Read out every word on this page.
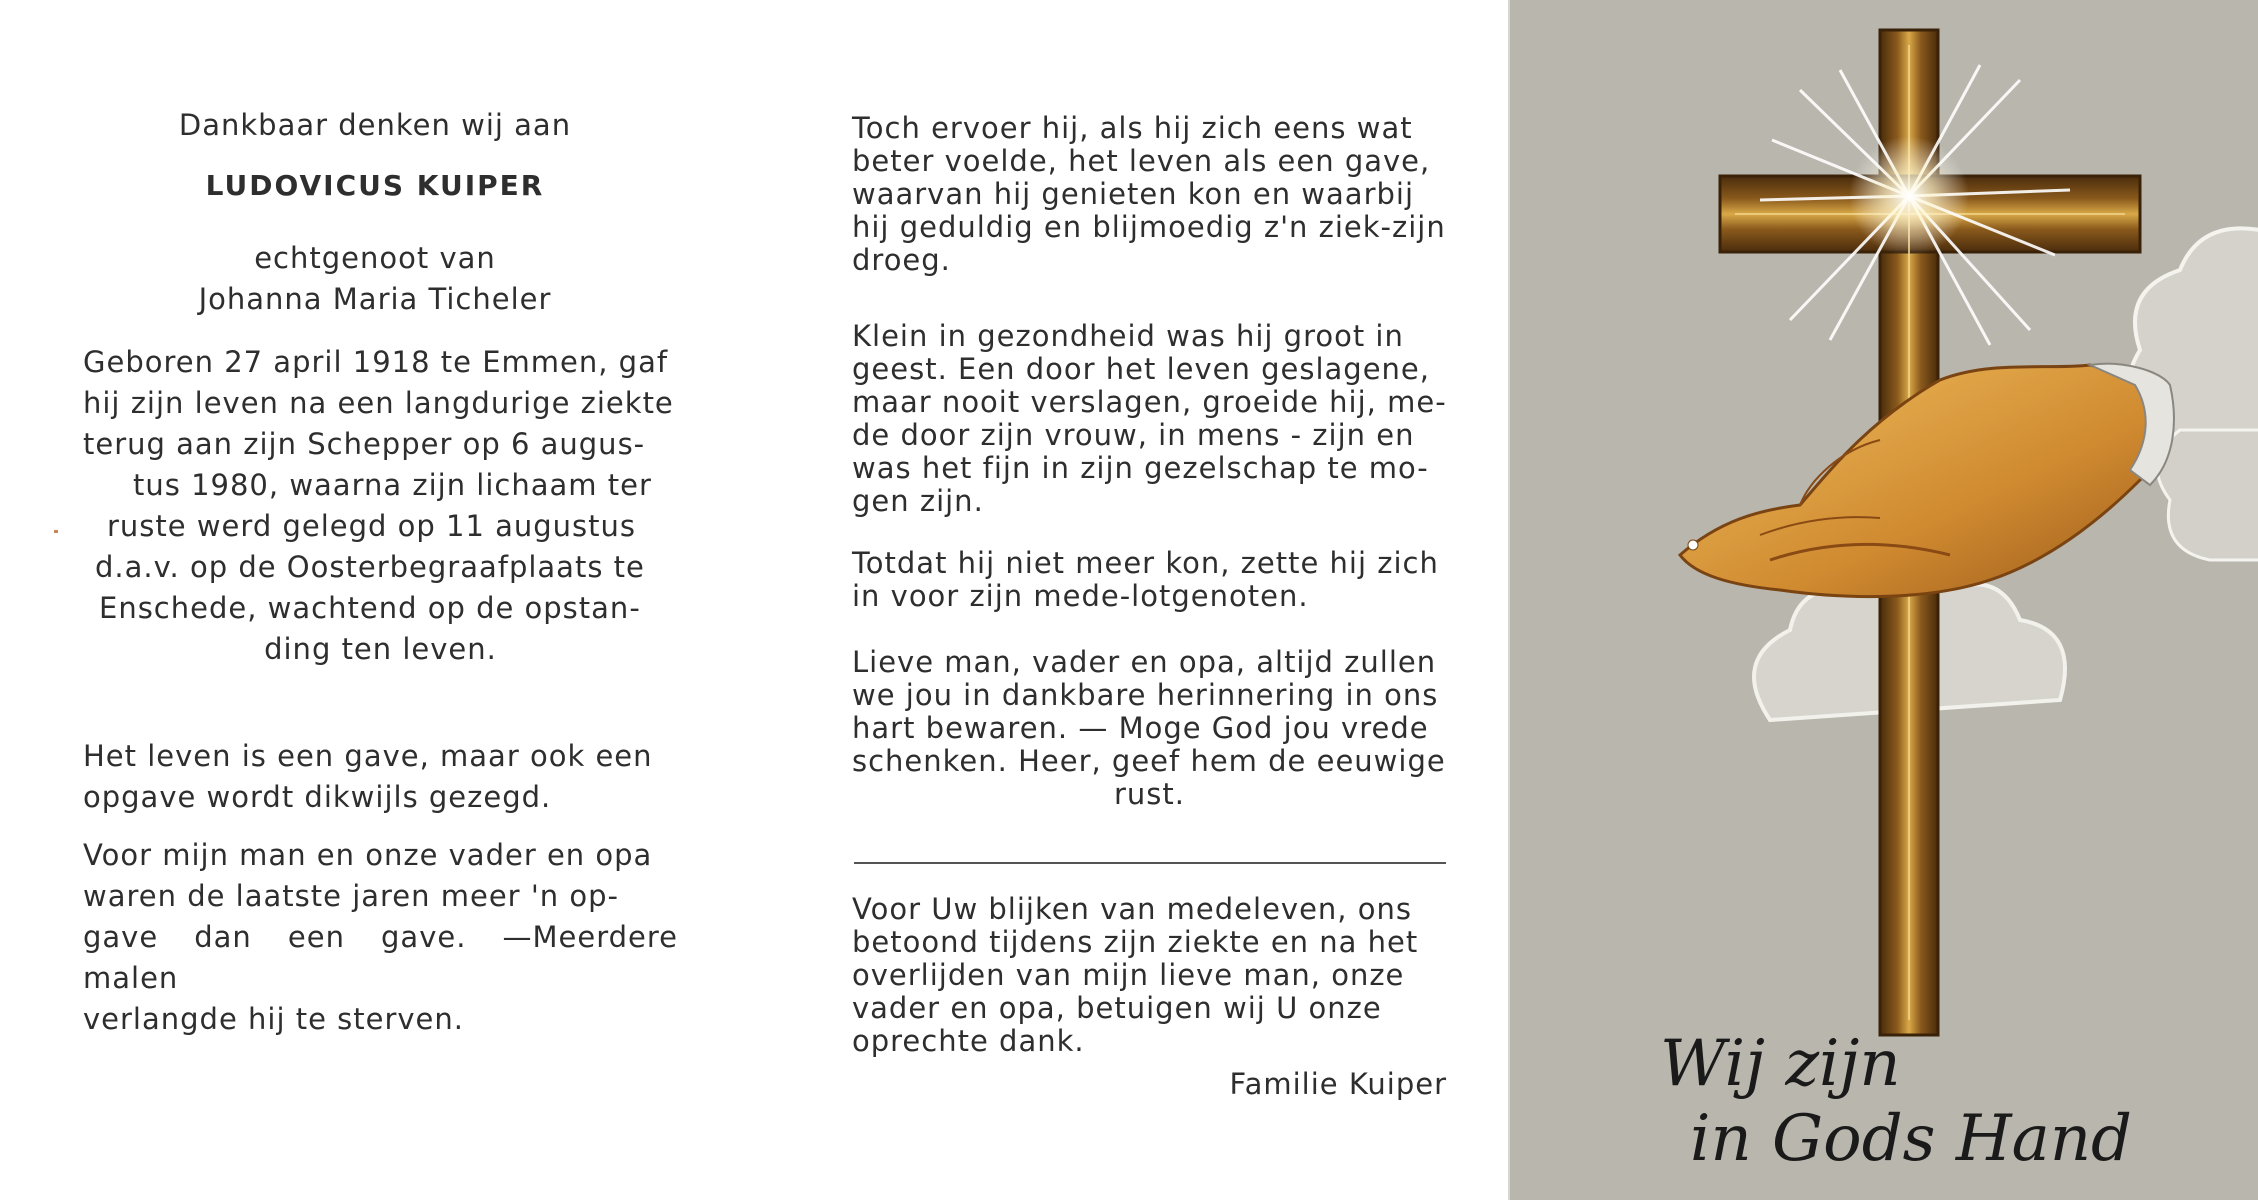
Dankbaar denken wij aan

LUDOVICUS KUIPER

echtgenoot van

Johanna Maria Ticheler

Geboren 27 april 1918 te Emmen, gaf

hij zijn leven na een langdurige ziekte

terug aan zijn Schepper op 6 augus-

tus 1980, waarna zijn lichaam ter

ruste werd gelegd op 11 augustus

d.a.v. op de Oosterbegraafplaats te

Enschede, wachtend op de opstan-

ding ten leven.

Het leven is een gave, maar ook een

opgave wordt dikwijls gezegd.

Voor mijn man en onze vader en opa

waren de laatste jaren meer 'n op-

gave dan een gave. —Meerdere malen

verlangde hij te sterven.

Toch ervoer hij, als hij zich eens wat

beter voelde, het leven als een gave,

waarvan hij genieten kon en waarbij

hij geduldig en blijmoedig z'n ziek-zijn

droeg.

Klein in gezondheid was hij groot in

geest. Een door het leven geslagene,

maar nooit verslagen, groeide hij, me-

de door zijn vrouw, in mens - zijn en

was het fijn in zijn gezelschap te mo-

gen zijn.

Totdat hij niet meer kon, zette hij zich

in voor zijn mede-lotgenoten.

Lieve man, vader en opa, altijd zullen

we jou in dankbare herinnering in ons

hart bewaren. — Moge God jou vrede

schenken. Heer, geef hem de eeuwige

rust.

Voor Uw blijken van medeleven, ons

betoond tijdens zijn ziekte en na het

overlijden van mijn lieve man, onze

vader en opa, betuigen wij U onze

oprechte dank.

Familie Kuiper	Wij zijn
in Gods Hand
